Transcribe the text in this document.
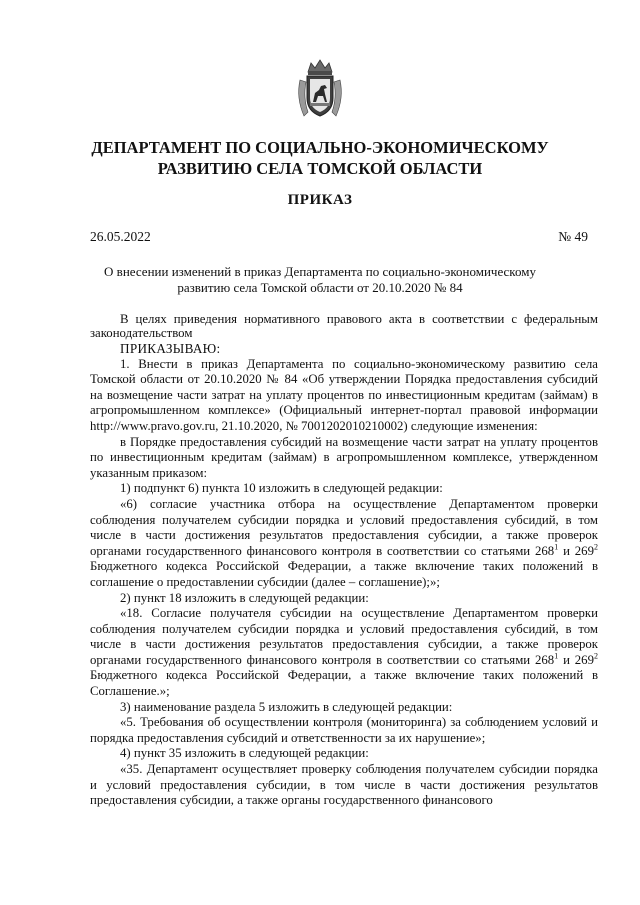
ДЕПАРТАМЕНТ ПО СОЦИАЛЬНО-ЭКОНОМИЧЕСКОМУ
РАЗВИТИЮ СЕЛА ТОМСКОЙ ОБЛАСТИ
ПРИКАЗ
26.05.2022	№ 49
О внесении изменений в приказ Департамента по социально-экономическому
развитию села Томской области от 20.10.2020 № 84

В целях приведения нормативного правового акта в соответствии с федеральным законодательством

ПРИКАЗЫВАЮ:

1. Внести в приказ Департамента по социально-экономическому развитию села Томской области от 20.10.2020 № 84 «Об утверждении Порядка предоставления субсидий на возмещение части затрат на уплату процентов по инвестиционным кредитам (займам) в агропромышленном комплексе» (Официальный интернет-портал правовой информации http://www.pravo.gov.ru, 21.10.2020, № 7001202010210002) следующие изменения:

в Порядке предоставления субсидий на возмещение части затрат на уплату процентов по инвестиционным кредитам (займам) в агропромышленном комплексе, утвержденном указанным приказом:

1) подпункт 6) пункта 10 изложить в следующей редакции:

«6) согласие участника отбора на осуществление Департаментом проверки соблюдения получателем субсидии порядка и условий предоставления субсидий, в том числе в части достижения результатов предоставления субсидии, а также проверок органами государственного финансового контроля в соответствии со статьями $268^1$ и $269^2$ Бюджетного кодекса Российской Федерации, а также включение таких положений в соглашение о предоставлении субсидии (далее – соглашение);»;

2) пункт 18 изложить в следующей редакции:

«18. Согласие получателя субсидии на осуществление Департаментом проверки соблюдения получателем субсидии порядка и условий предоставления субсидий, в том числе в части достижения результатов предоставления субсидии, а также проверок органами государственного финансового контроля в соответствии со статьями $268^1$ и $269^2$ Бюджетного кодекса Российской Федерации, а также включение таких положений в Соглашение.»;

3) наименование раздела 5 изложить в следующей редакции:

«5. Требования об осуществлении контроля (мониторинга) за соблюдением условий и порядка предоставления субсидий и ответственности за их нарушение»;

4) пункт 35 изложить в следующей редакции:

«35. Департамент осуществляет проверку соблюдения получателем субсидии порядка и условий предоставления субсидии, в том числе в части достижения результатов предоставления субсидии, а также органы государственного финансового
